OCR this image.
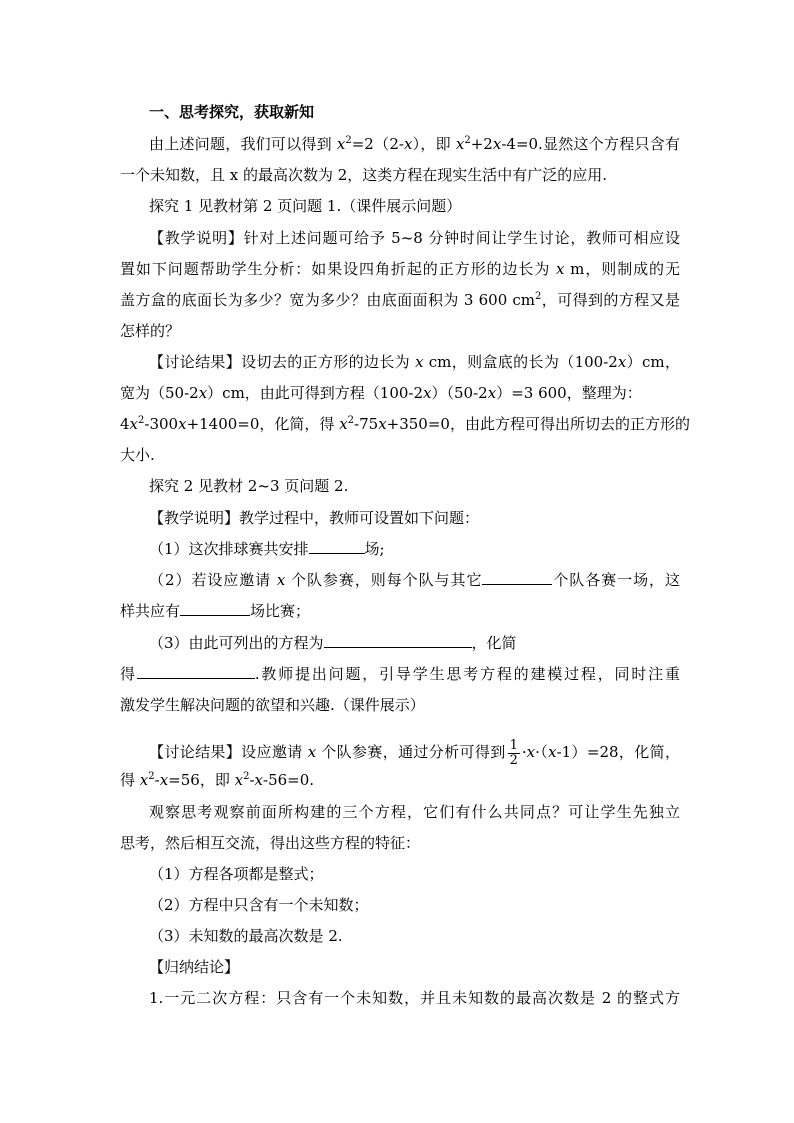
一、思考探究，获取新知
由上述问题，我们可以得到 $x^2=2(2-x)$，即 $x^2+2x-4=0$.显然这个方程只含有
一个未知数，且 x 的最高次数为 2，这类方程在现实生活中有广泛的应用.
探究 1 见教材第 2 页问题 1.（课件展示问题）
【教学说明】针对上述问题可给予 5~8 分钟时间让学生讨论，教师可相应设
置如下问题帮助学生分析：如果设四角折起的正方形的边长为 x m，则制成的无
盖方盒的底面长为多少？宽为多少？由底面面积为 3 600 $cm^2$，可得到的方程又是
怎样的？
【讨论结果】设切去的正方形的边长为 x cm，则盒底的长为（100-2x）cm，
宽为（50-2x）cm，由此可得到方程（100-2x）（50-2x）=3 600，整理为：
$4x^2-300x+1400=0$，化简，得 $x^2-75x+350=0$，由此方程可得出所切去的正方形的
大小.
探究 2 见教材 2~3 页问题 2.
【教学说明】教学过程中，教师可设置如下问题：
（1）这次排球赛共安排	场;
（2）若设应邀请 x 个队参赛，则每个队与其它	个队各赛一场，这
样共应有	场比赛；
（3）由此可列出的方程为	，化简
得	.教师提出问题，引导学生思考方程的建模过程，同时注重
激发学生解决问题的欲望和兴趣.（课件展示）
【讨论结果】设应邀请 x 个队参赛，通过分析可得到 $\frac{1}{2} \cdot x\cdot(x-1)=28$，化简，
得 $x^2-x=56$，即 $x^2-x-56=0$.
观察思考观察前面所构建的三个方程，它们有什么共同点？可让学生先独立
思考，然后相互交流，得出这些方程的特征：
（1）方程各项都是整式；
（2）方程中只含有一个未知数；
（3）未知数的最高次数是 2.
【归纳结论】
1.一元二次方程：只含有一个未知数，并且未知数的最高次数是 2 的整式方
